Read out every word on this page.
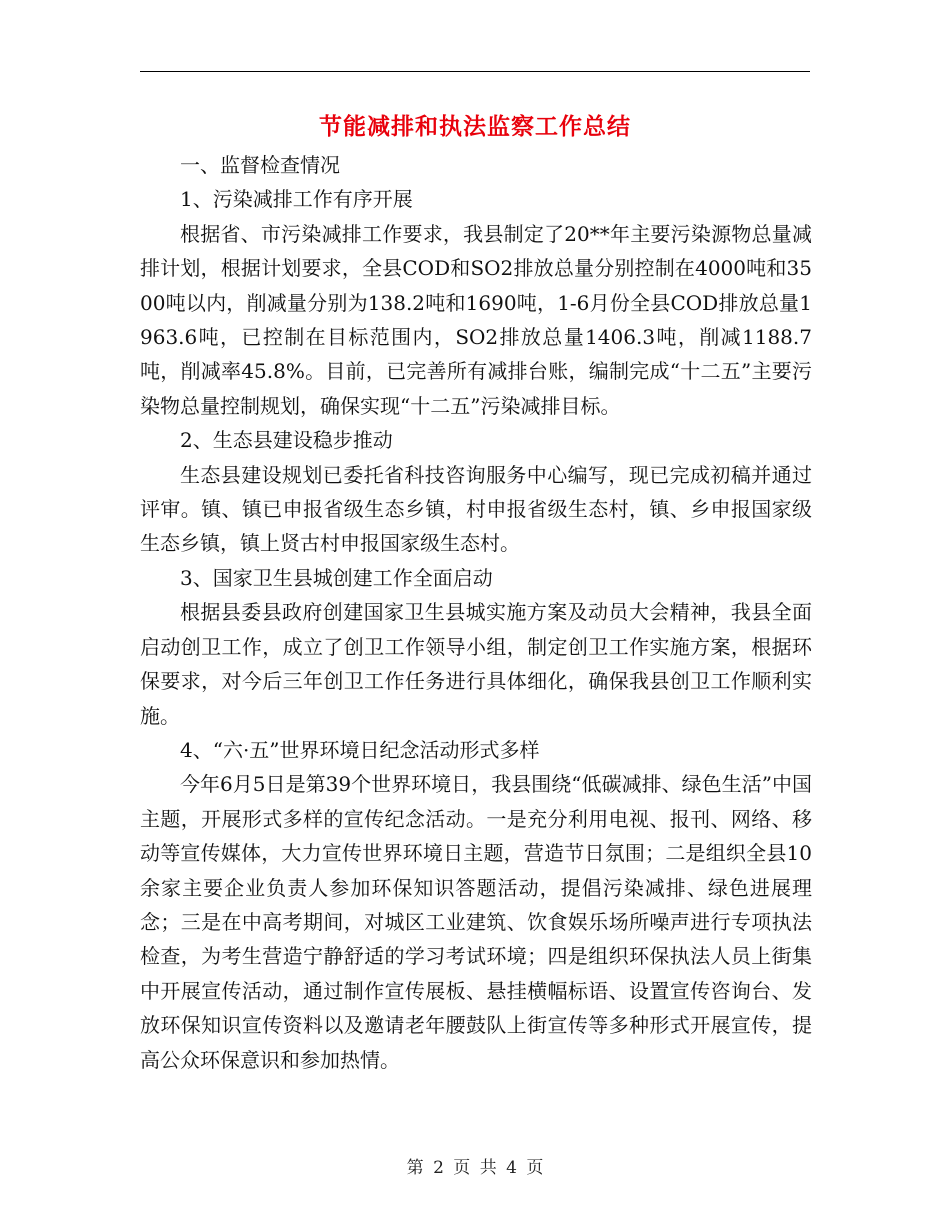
节能减排和执法监察工作总结

一、监督检查情况

1、污染减排工作有序开展

根据省、市污染减排工作要求，我县制定了20**年主要污染源物总量减排计划，根据计划要求，全县COD和SO2排放总量分别控制在4000吨和3500吨以内，削减量分别为138.2吨和1690吨，1-6月份全县COD排放总量1963.6吨，已控制在目标范围内，SO2排放总量1406.3吨，削减1188.7吨，削减率45.8%。目前，已完善所有减排台账，编制完成“十二五”主要污染物总量控制规划，确保实现“十二五”污染减排目标。

2、生态县建设稳步推动

生态县建设规划已委托省科技咨询服务中心编写，现已完成初稿并通过评审。镇、镇已申报省级生态乡镇，村申报省级生态村，镇、乡申报国家级生态乡镇，镇上贤古村申报国家级生态村。

3、国家卫生县城创建工作全面启动

根据县委县政府创建国家卫生县城实施方案及动员大会精神，我县全面启动创卫工作，成立了创卫工作领导小组，制定创卫工作实施方案，根据环保要求，对今后三年创卫工作任务进行具体细化，确保我县创卫工作顺利实施。

4、“六·五”世界环境日纪念活动形式多样

今年6月5日是第39个世界环境日，我县围绕“低碳减排、绿色生活”中国主题，开展形式多样的宣传纪念活动。一是充分利用电视、报刊、网络、移动等宣传媒体，大力宣传世界环境日主题，营造节日氛围；二是组织全县10余家主要企业负责人参加环保知识答题活动，提倡污染减排、绿色进展理念；三是在中高考期间，对城区工业建筑、饮食娱乐场所噪声进行专项执法检查，为考生营造宁静舒适的学习考试环境；四是组织环保执法人员上街集中开展宣传活动，通过制作宣传展板、悬挂横幅标语、设置宣传咨询台、发放环保知识宣传资料以及邀请老年腰鼓队上街宣传等多种形式开展宣传，提高公众环保意识和参加热情。

第 2 页 共 4 页
